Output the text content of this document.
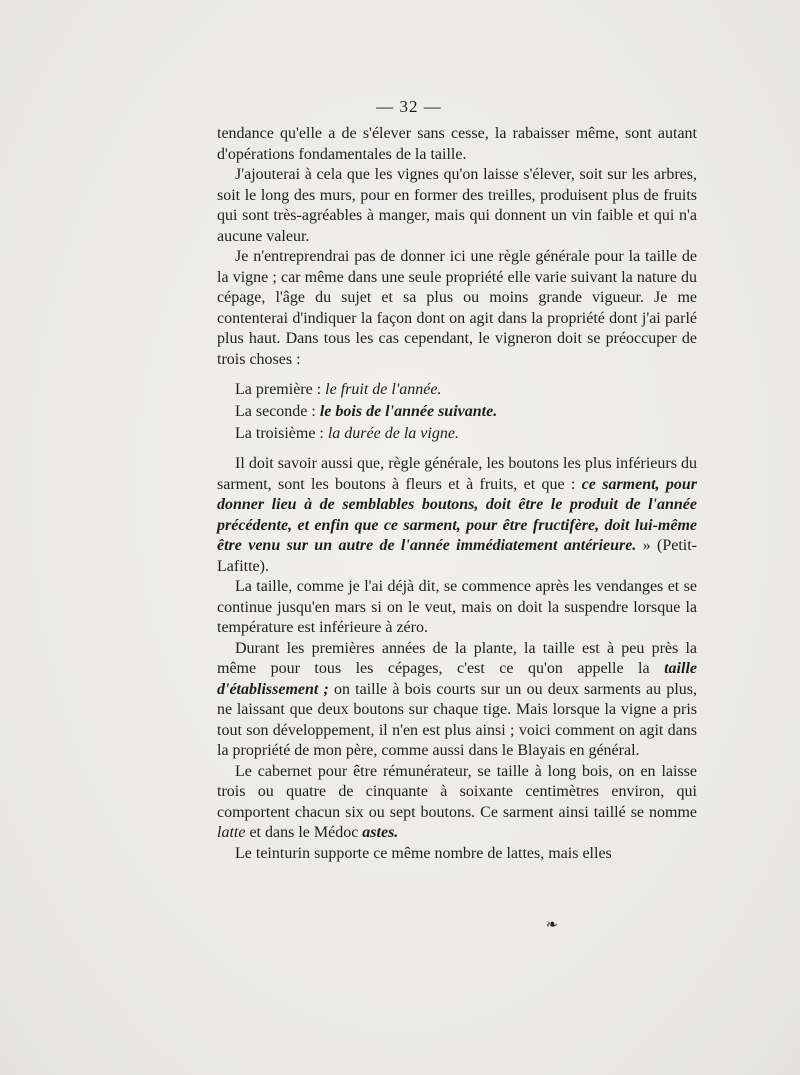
— 32 —

tendance qu'elle a de s'élever sans cesse, la rabaisser même, sont autant d'opérations fondamentales de la taille.

J'ajouterai à cela que les vignes qu'on laisse s'élever, soit sur les arbres, soit le long des murs, pour en former des treilles, produisent plus de fruits qui sont très-agréables à manger, mais qui donnent un vin faible et qui n'a aucune valeur.

Je n'entreprendrai pas de donner ici une règle générale pour la taille de la vigne ; car même dans une seule propriété elle varie suivant la nature du cépage, l'âge du sujet et sa plus ou moins grande vigueur. Je me contenterai d'indiquer la façon dont on agit dans la propriété dont j'ai parlé plus haut. Dans tous les cas cependant, le vigneron doit se préoccuper de trois choses :

La première : le fruit de l'année.
La seconde : le bois de l'année suivante.
La troisième : la durée de la vigne.

Il doit savoir aussi que, règle générale, les boutons les plus inférieurs du sarment, sont les boutons à fleurs et à fruits, et que : ce sarment, pour donner lieu à de semblables boutons, doit être le produit de l'année précédente, et enfin que ce sarment, pour être fructifère, doit lui-même être venu sur un autre de l'année immédiatement antérieure. » (Petit-Lafitte).

La taille, comme je l'ai déjà dit, se commence après les vendanges et se continue jusqu'en mars si on le veut, mais on doit la suspendre lorsque la température est inférieure à zéro.

Durant les premières années de la plante, la taille est à peu près la même pour tous les cépages, c'est ce qu'on appelle la taille d'établissement ; on taille à bois courts sur un ou deux sarments au plus, ne laissant que deux boutons sur chaque tige. Mais lorsque la vigne a pris tout son développement, il n'en est plus ainsi ; voici comment on agit dans la propriété de mon père, comme aussi dans le Blayais en général.

Le cabernet pour être rémunérateur, se taille à long bois, on en laisse trois ou quatre de cinquante à soixante centimètres environ, qui comportent chacun six ou sept boutons. Ce sarment ainsi taillé se nomme latte et dans le Médoc astes.

Le teinturin supporte ce même nombre de lattes, mais elles

❧
